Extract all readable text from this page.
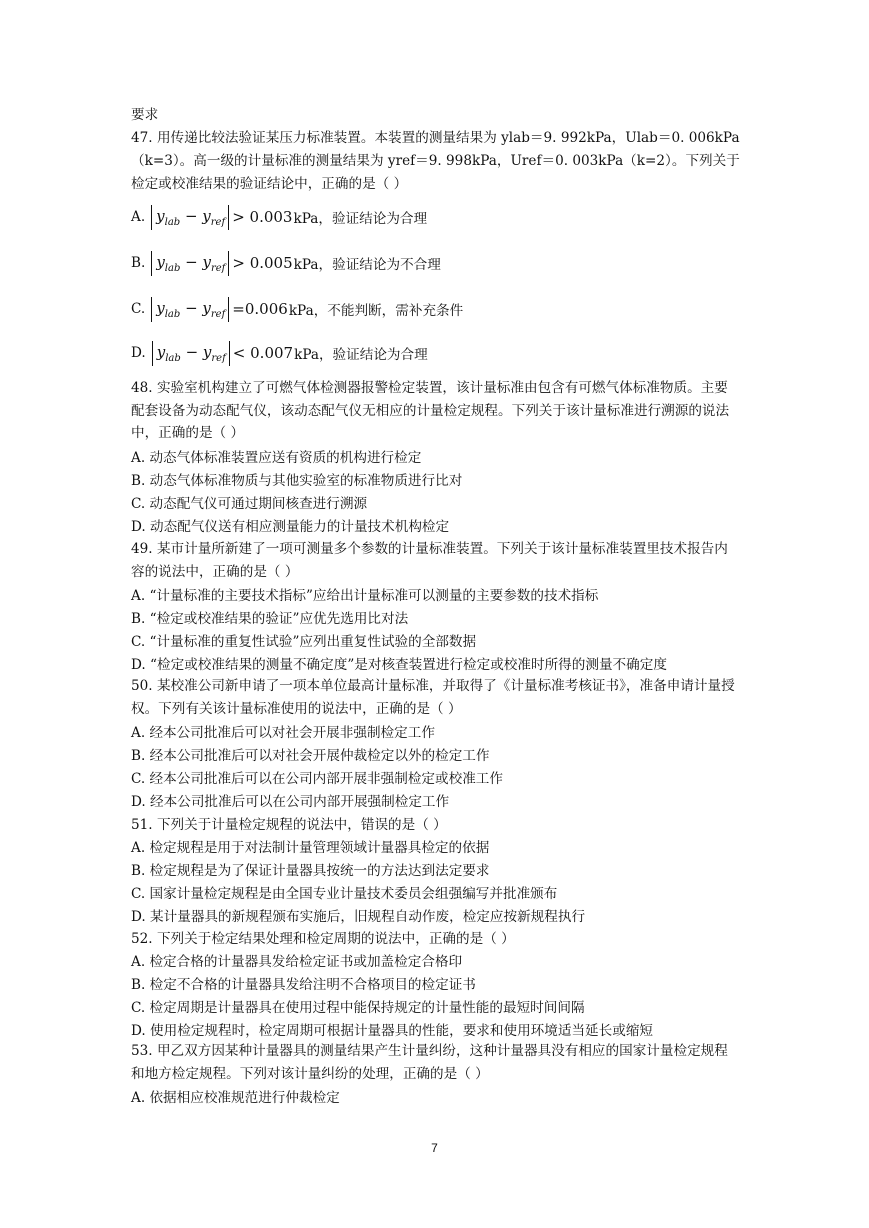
要求
47. 用传递比较法验证某压力标准装置。本装置的测量结果为 ylab＝9. 992kPa，Ulab＝0. 006kPa
（k=3）。高一级的计量标准的测量结果为 yref＝9. 998kPa，Uref＝0. 003kPa（k=2）。下列关于
检定或校准结果的验证结论中，正确的是（ ）
A. $y_{lab} - y_{ref} > 0.003$ kPa，验证结论为合理
B. $y_{lab} - y_{ref} > 0.005$ kPa，验证结论为不合理
C. $y_{lab} - y_{ref} =0.006$ kPa，不能判断，需补充条件
D. $y_{lab} - y_{ref} < 0.007$ kPa，验证结论为合理
48. 实验室机构建立了可燃气体检测器报警检定装置，该计量标准由包含有可燃气体标准物质。主要配套设备为动态配气仪，该动态配气仪无相应的计量检定规程。下列关于该计量标准进行溯源的说法中，正确的是（ ）
A. 动态气体标准装置应送有资质的机构进行检定
B. 动态气体标准物质与其他实验室的标准物质进行比对
C. 动态配气仪可通过期间核查进行溯源
D. 动态配气仪送有相应测量能力的计量技术机构检定
49. 某市计量所新建了一项可测量多个参数的计量标准装置。下列关于该计量标准装置里技术报告内容的说法中，正确的是（ ）
A. “计量标准的主要技术指标”应给出计量标准可以测量的主要参数的技术指标
B. “检定或校准结果的验证”应优先选用比对法
C. “计量标准的重复性试验”应列出重复性试验的全部数据
D. “检定或校准结果的测量不确定度”是对核查装置进行检定或校准时所得的测量不确定度
50. 某校准公司新申请了一项本单位最高计量标准，并取得了《计量标准考核证书》，准备申请计量授权。下列有关该计量标准使用的说法中，正确的是（ ）
A. 经本公司批准后可以对社会开展非强制检定工作
B. 经本公司批准后可以对社会开展仲裁检定以外的检定工作
C. 经本公司批准后可以在公司内部开展非强制检定或校准工作
D. 经本公司批准后可以在公司内部开展强制检定工作
51. 下列关于计量检定规程的说法中，错误的是（ ）
A. 检定规程是用于对法制计量管理领域计量器具检定的依据
B. 检定规程是为了保证计量器具按统一的方法达到法定要求
C. 国家计量检定规程是由全国专业计量技术委员会组强编写并批准颁布
D. 某计量器具的新规程颁布实施后，旧规程自动作废，检定应按新规程执行
52. 下列关于检定结果处理和检定周期的说法中，正确的是（ ）
A. 检定合格的计量器具发给检定证书或加盖检定合格印
B. 检定不合格的计量器具发给注明不合格项目的检定证书
C. 检定周期是计量器具在使用过程中能保持规定的计量性能的最短时间间隔
D. 使用检定规程时，检定周期可根据计量器具的性能，要求和使用环境适当延长或缩短
53. 甲乙双方因某种计量器具的测量结果产生计量纠纷，这种计量器具没有相应的国家计量检定规程和地方检定规程。下列对该计量纠纷的处理，正确的是（ ）
A. 依据相应校准规范进行仲裁检定
7
